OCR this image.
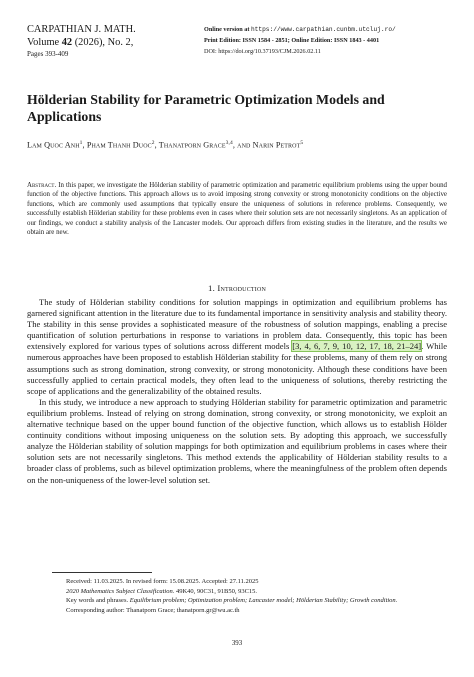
CARPATHIAN J. MATH.
Volume 42 (2026), No. 2,
Pages 393-409
Online version at https://www.carpathian.cunbm.utcluj.ro/
Print Edition: ISSN 1584 - 2851; Online Edition: ISSN 1843 - 4401
DOI: https://doi.org/10.37193/CJM.2026.02.11
Hölderian Stability for Parametric Optimization Models and Applications
Lam Quoc Anh$^1$, Pham Thanh Duoc$^2$, Thanatporn Grace$^{3,4}$, and Narin Petrot$^5$
Abstract. In this paper, we investigate the Hölderian stability of parametric optimization and parametric equilibrium problems using the upper bound function of the objective functions. This approach allows us to avoid imposing strong convexity or strong monotonicity conditions on the objective functions, which are commonly used assumptions that typically ensure the uniqueness of solutions in reference problems. Consequently, we successfully establish Hölderian stability for these problems even in cases where their solution sets are not necessarily singletons. As an application of our findings, we conduct a stability analysis of the Lancaster models. Our approach differs from existing studies in the literature, and the results we obtain are new.
1. Introduction

The study of Hölderian stability conditions for solution mappings in optimization and equilibrium problems has garnered significant attention in the literature due to its fundamental importance in sensitivity analysis and stability theory. The stability in this sense provides a sophisticated measure of the robustness of solution mappings, enabling a precise quantification of solution perturbations in response to variations in problem data. Consequently, this topic has been extensively explored for various types of solutions across different models [3, 4, 6, 7, 9, 10, 12, 17, 18, 21–24]. While numerous approaches have been proposed to establish Hölderian stability for these problems, many of them rely on strong assumptions such as strong domination, strong convexity, or strong monotonicity. Although these conditions have been successfully applied to certain practical models, they often lead to the uniqueness of solutions, thereby restricting the scope of applications and the generalizability of the obtained results.

In this study, we introduce a new approach to studying Hölderian stability for parametric optimization and parametric equilibrium problems. Instead of relying on strong domination, strong convexity, or strong monotonicity, we exploit an alternative technique based on the upper bound function of the objective function, which allows us to establish Hölder continuity conditions without imposing uniqueness on the solution sets. By adopting this approach, we successfully analyze the Hölderian stability of solution mappings for both optimization and equilibrium problems in cases where their solution sets are not necessarily singletons. This method extends the applicability of Hölderian stability results to a broader class of problems, such as bilevel optimization problems, where the meaningfulness of the problem often depends on the non-uniqueness of the lower-level solution set.

Received: 11.03.2025. In revised form: 15.08.2025. Accepted: 27.11.2025
2020 Mathematics Subject Classification. 49K40, 90C31, 91B50, 93C15.
Key words and phrases. Equilibrium problem; Optimization problem; Lancaster model; Hölderian Stability; Growth condition.
Corresponding author: Thanatporn Grace; thanatporn.gr@wu.ac.th
393
